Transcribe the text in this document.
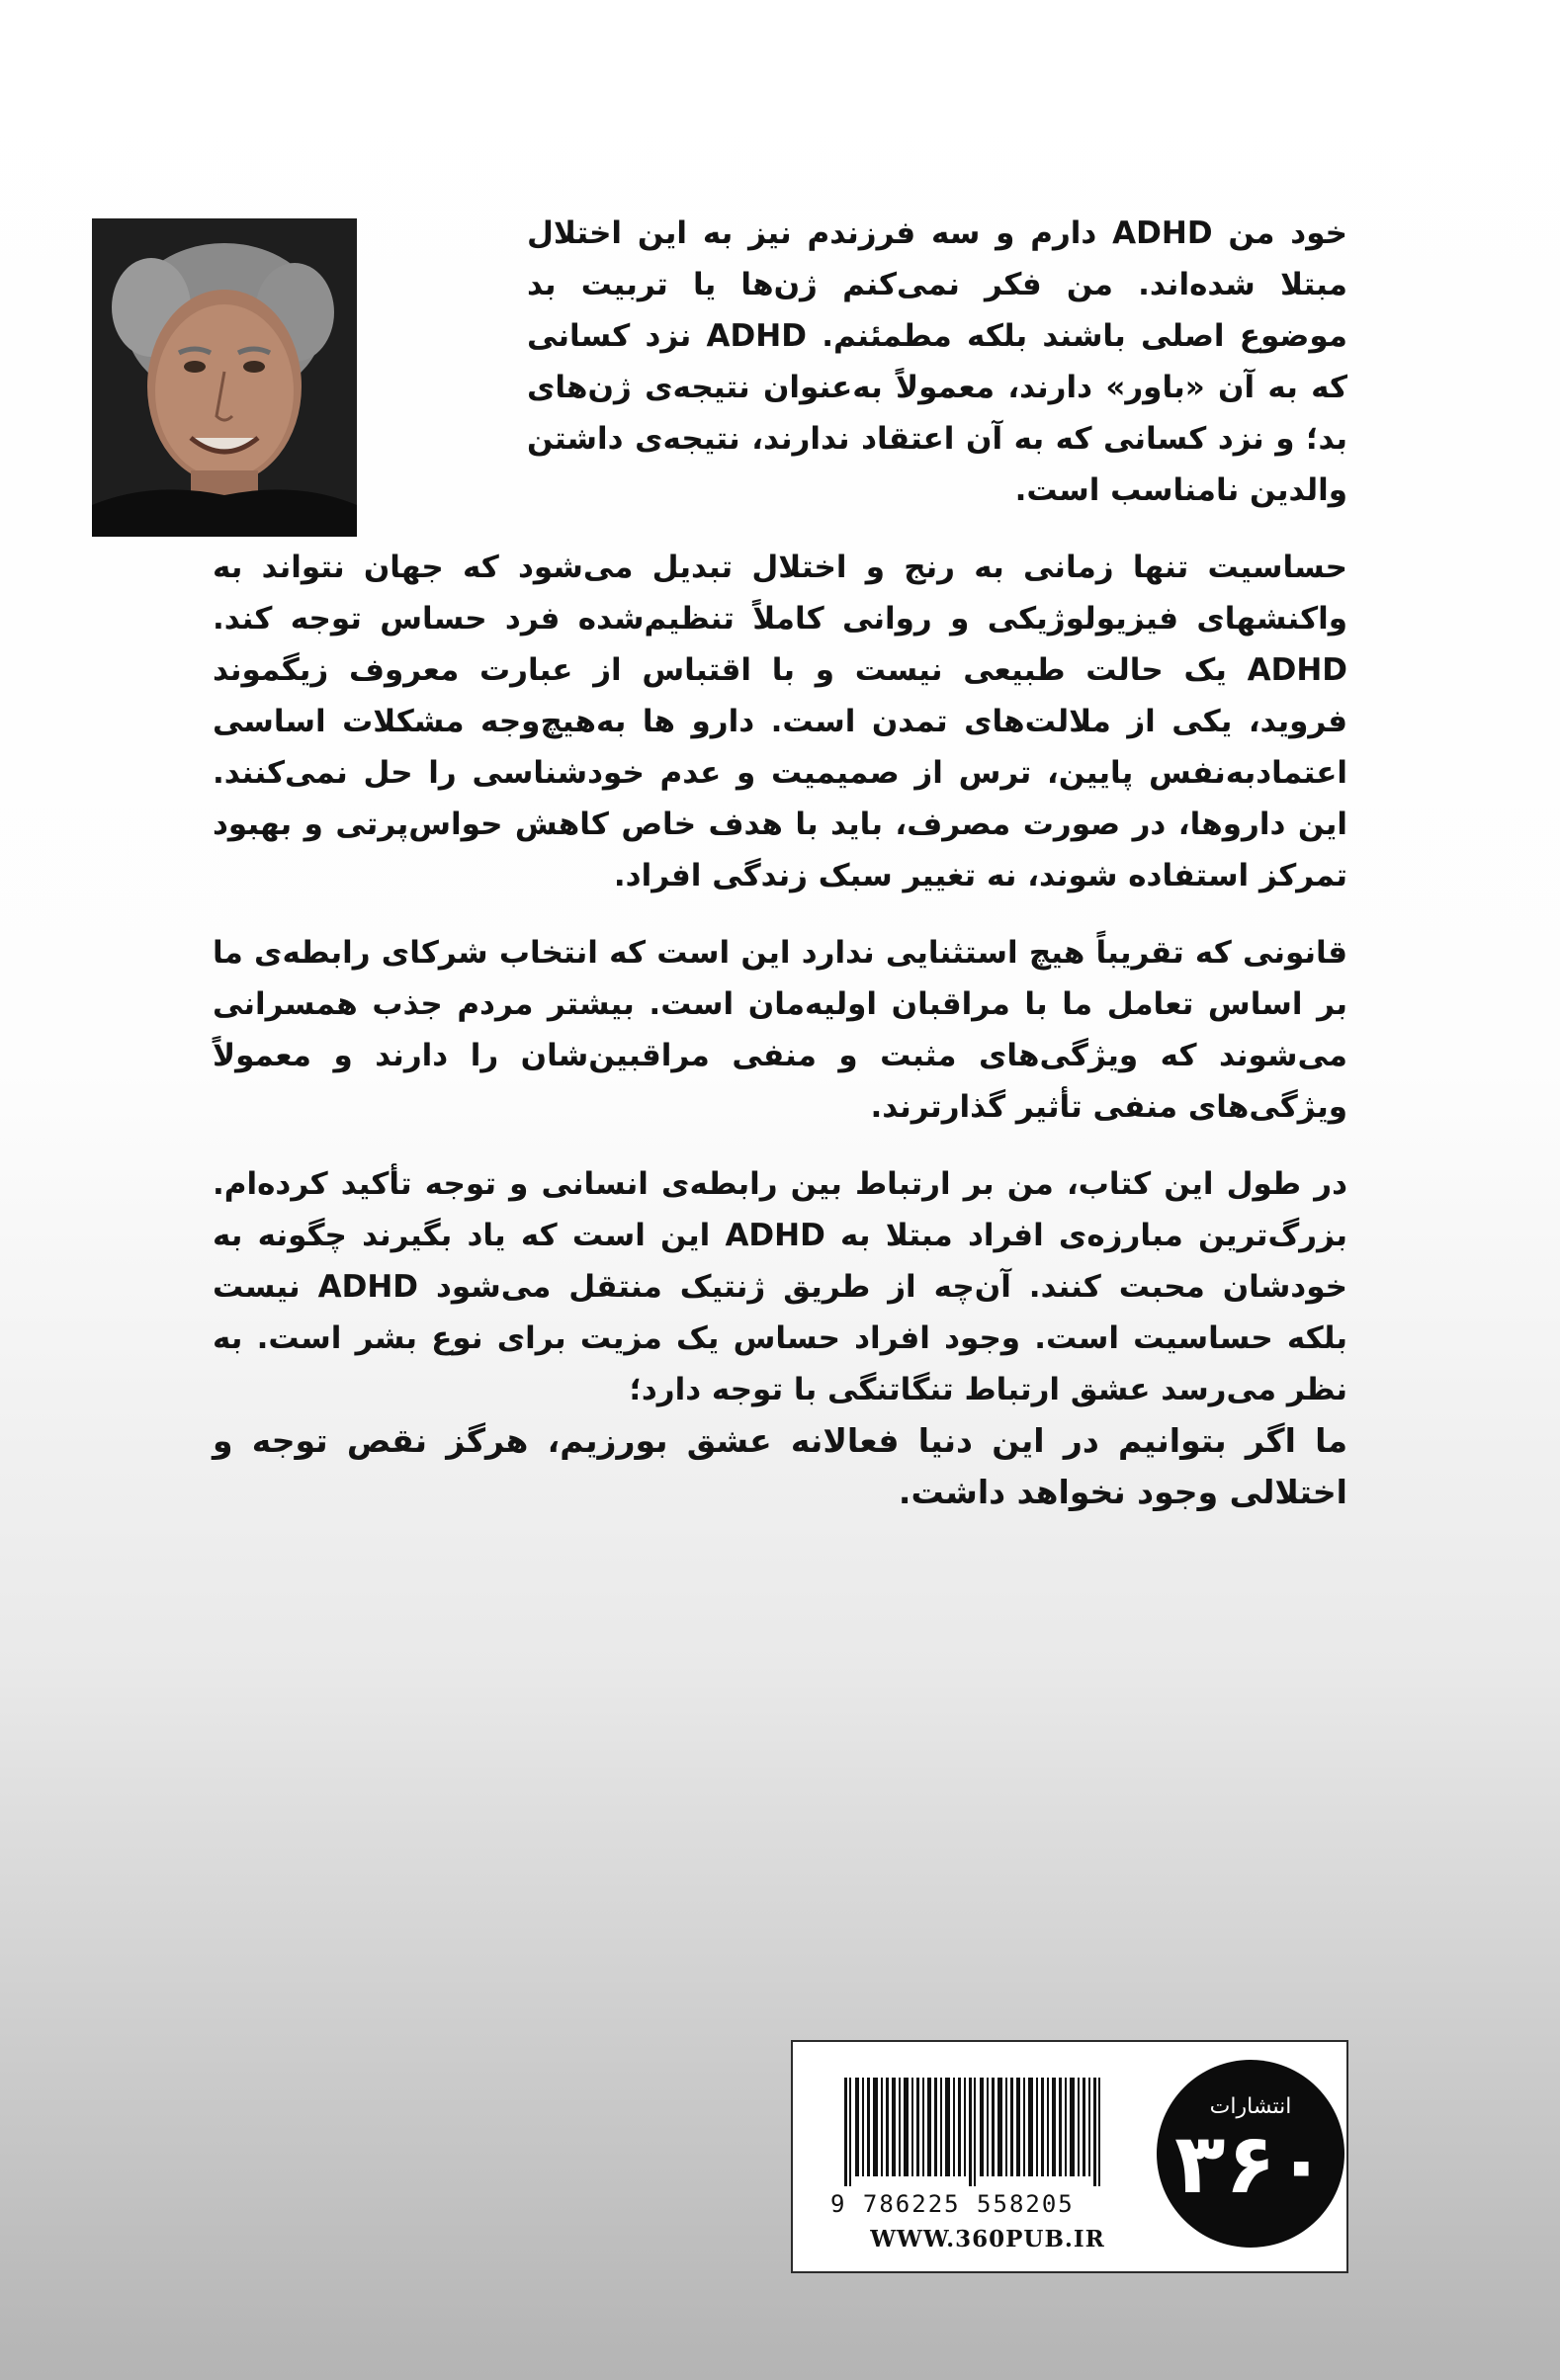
خود من ADHD دارم و سه فرزندم نیز به این اختلال مبتلا شده‌اند. من فکر نمی‌کنم ژن‌ها یا تربیت بد موضوع اصلی باشند بلکه مطمئنم. ADHD نزد کسانی که به آن «باور» دارند، معمولاً به‌عنوان نتیجه‌ی ژن‌های بد؛ و نزد کسانی که به آن اعتقاد ندارند، نتیجه‌ی داشتن والدین نامناسب است.

حساسیت تنها زمانی به رنج و اختلال تبدیل می‌شود که جهان نتواند به واکنشهای فیزیولوژیکی و روانی کاملاً تنظیم‌شده فرد حساس توجه کند. ADHD یک حالت طبیعی نیست و با اقتباس از عبارت معروف زیگموند فروید، یکی از ملالت‌های تمدن است. دارو ها به‌هیچ‌وجه مشکلات اساسی اعتمادبه‌نفس پایین، ترس از صمیمیت و عدم خودشناسی را حل نمی‌کنند. این داروها، در صورت مصرف، باید با هدف خاص کاهش حواس‌پرتی و بهبود تمرکز استفاده شوند، نه تغییر سبک زندگی افراد.

قانونی که تقریباً هیچ استثنایی ندارد این است که انتخاب شرکای رابطه‌ی ما بر اساس تعامل ما با مراقبان اولیه‌مان است. بیشتر مردم جذب همسرانی می‌شوند که ویژگی‌های مثبت و منفی مراقبین‌شان را دارند و معمولاً ویژگی‌های منفی تأثیر گذارترند.

در طول این کتاب، من بر ارتباط بین رابطه‌ی انسانی و توجه تأکید کرده‌ام. بزرگ‌ترین مبارزه‌ی افراد مبتلا به ADHD این است که یاد بگیرند چگونه به خودشان محبت کنند. آن‌چه از طریق ژنتیک منتقل می‌شود ADHD نیست بلکه حساسیت است. وجود افراد حساس یک مزیت برای نوع بشر است. به نظر می‌رسد عشق ارتباط تنگاتنگی با توجه دارد؛

ما اگر بتوانیم در این دنیا فعالانه عشق بورزیم، هرگز نقص توجه و اختلالی وجود نخواهد داشت.

9 786225 558205
WWW.360PUB.IR
انتشارات
۳۶۰
